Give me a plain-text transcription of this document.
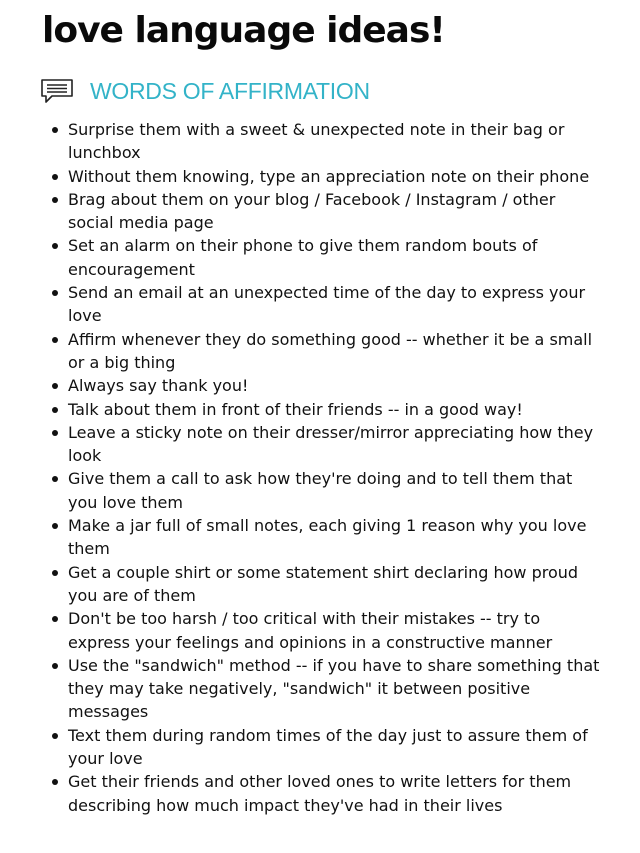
love language ideas!
WORDS OF AFFIRMATION
Surprise them with a sweet & unexpected note in their bag or lunchbox
Without them knowing, type an appreciation note on their phone
Brag about them on your blog / Facebook / Instagram / other social media page
Set an alarm on their phone to give them random bouts of encouragement
Send an email at an unexpected time of the day to express your love
Affirm whenever they do something good -- whether it be a small or a big thing
Always say thank you!
Talk about them in front of their friends -- in a good way!
Leave a sticky note on their dresser/mirror appreciating how they look
Give them a call to ask how they're doing and to tell them that you love them
Make a jar full of small notes, each giving 1 reason why you love them
Get a couple shirt or some statement shirt declaring how proud you are of them
Don't be too harsh / too critical with their mistakes -- try to express your feelings and opinions in a constructive manner
Use the "sandwich" method -- if you have to share something that they may take negatively, "sandwich" it between positive messages
Text them during random times of the day just to assure them of your love
Get their friends and other loved ones to write letters for them describing how much impact they've had in their lives
